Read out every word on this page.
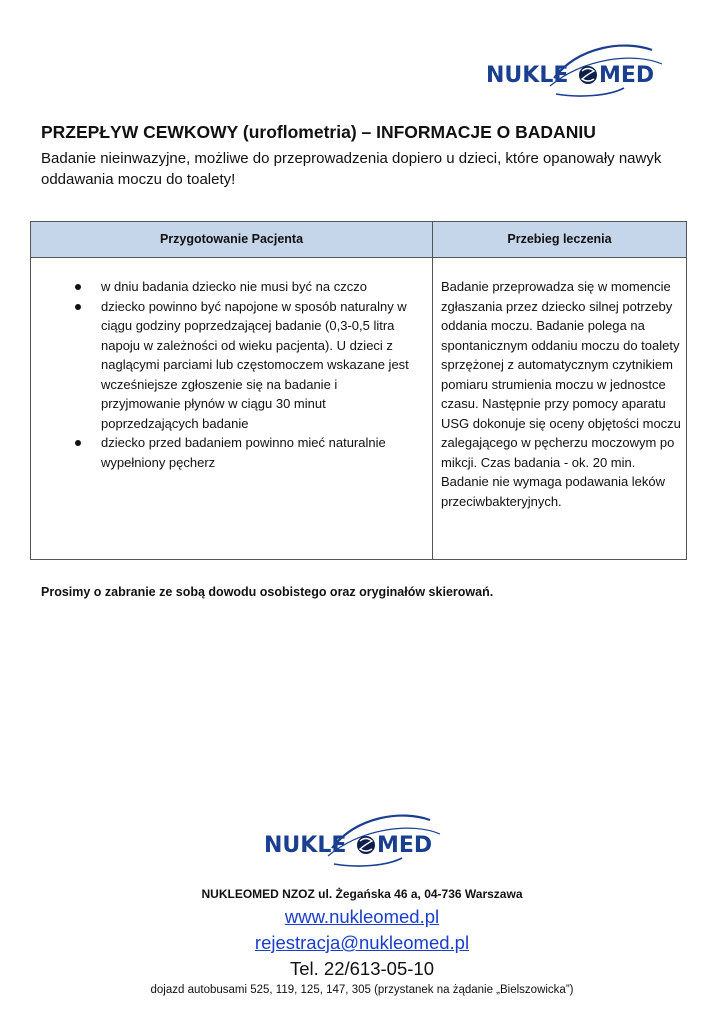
NUKLE MED
PRZEPŁYW CEWKOWY (uroflometria) – INFORMACJE O BADANIU

Badanie nieinwazyjne, możliwe do przeprowadzenia dopiero u dzieci, które opanowały nawyk oddawania moczu do toalety!

Przygotowanie Pacjenta	Przebieg leczenia
w dniu badania dziecko nie musi być na czczo
dziecko powinno być napojone w sposób naturalny w ciągu godziny poprzedzającej badanie (0,3-0,5 litra napoju w zależności od wieku pacjenta). U dzieci z naglącymi parciami lub częstomoczem wskazane jest wcześniejsze zgłoszenie się na badanie i przyjmowanie płynów w ciągu 30 minut poprzedzających badanie
dziecko przed badaniem powinno mieć naturalnie wypełniony pęcherz

Badanie przeprowadza się w momencie zgłaszania przez dziecko silnej potrzeby oddania moczu. Badanie polega na spontanicznym oddaniu moczu do toalety sprzężonej z automatycznym czytnikiem pomiaru strumienia moczu w jednostce czasu. Następnie przy pomocy aparatu USG dokonuje się oceny objętości moczu zalegającego w pęcherzu moczowym po mikcji. Czas badania - ok. 20 min. Badanie nie wymaga podawania leków przeciwbakteryjnych.

Prosimy o zabranie ze sobą dowodu osobistego oraz oryginałów skierowań.

NUKLE MED
NUKLEOMED NZOZ ul. Żegańska 46 a, 04-736 Warszawa
www.nukleomed.pl
rejestracja@nukleomed.pl
Tel. 22/613-05-10
dojazd autobusami 525, 119, 125, 147, 305 (przystanek na żądanie „Bielszowicka”)
